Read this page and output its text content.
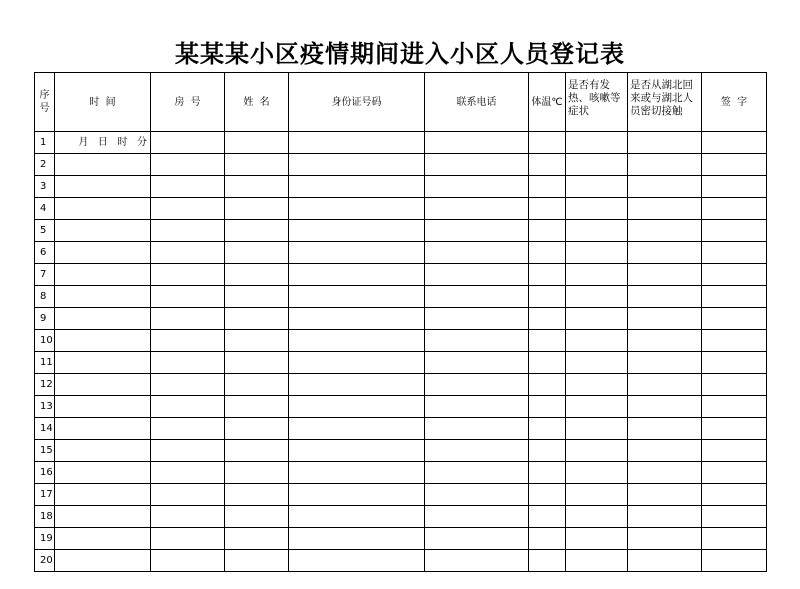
某某某小区疫情期间进入小区人员登记表
序
号	时  间	房  号	姓  名	身份证号码	联系电话	体温℃	是否有发热、咳嗽等症状	是否从湖北回来或与湖北人员密切接触	签  字
1	月   日   时   分								
2									
3									
4									
5									
6									
7									
8									
9									
10									
11									
12									
13									
14									
15									
16									
17									
18									
19									
20									
